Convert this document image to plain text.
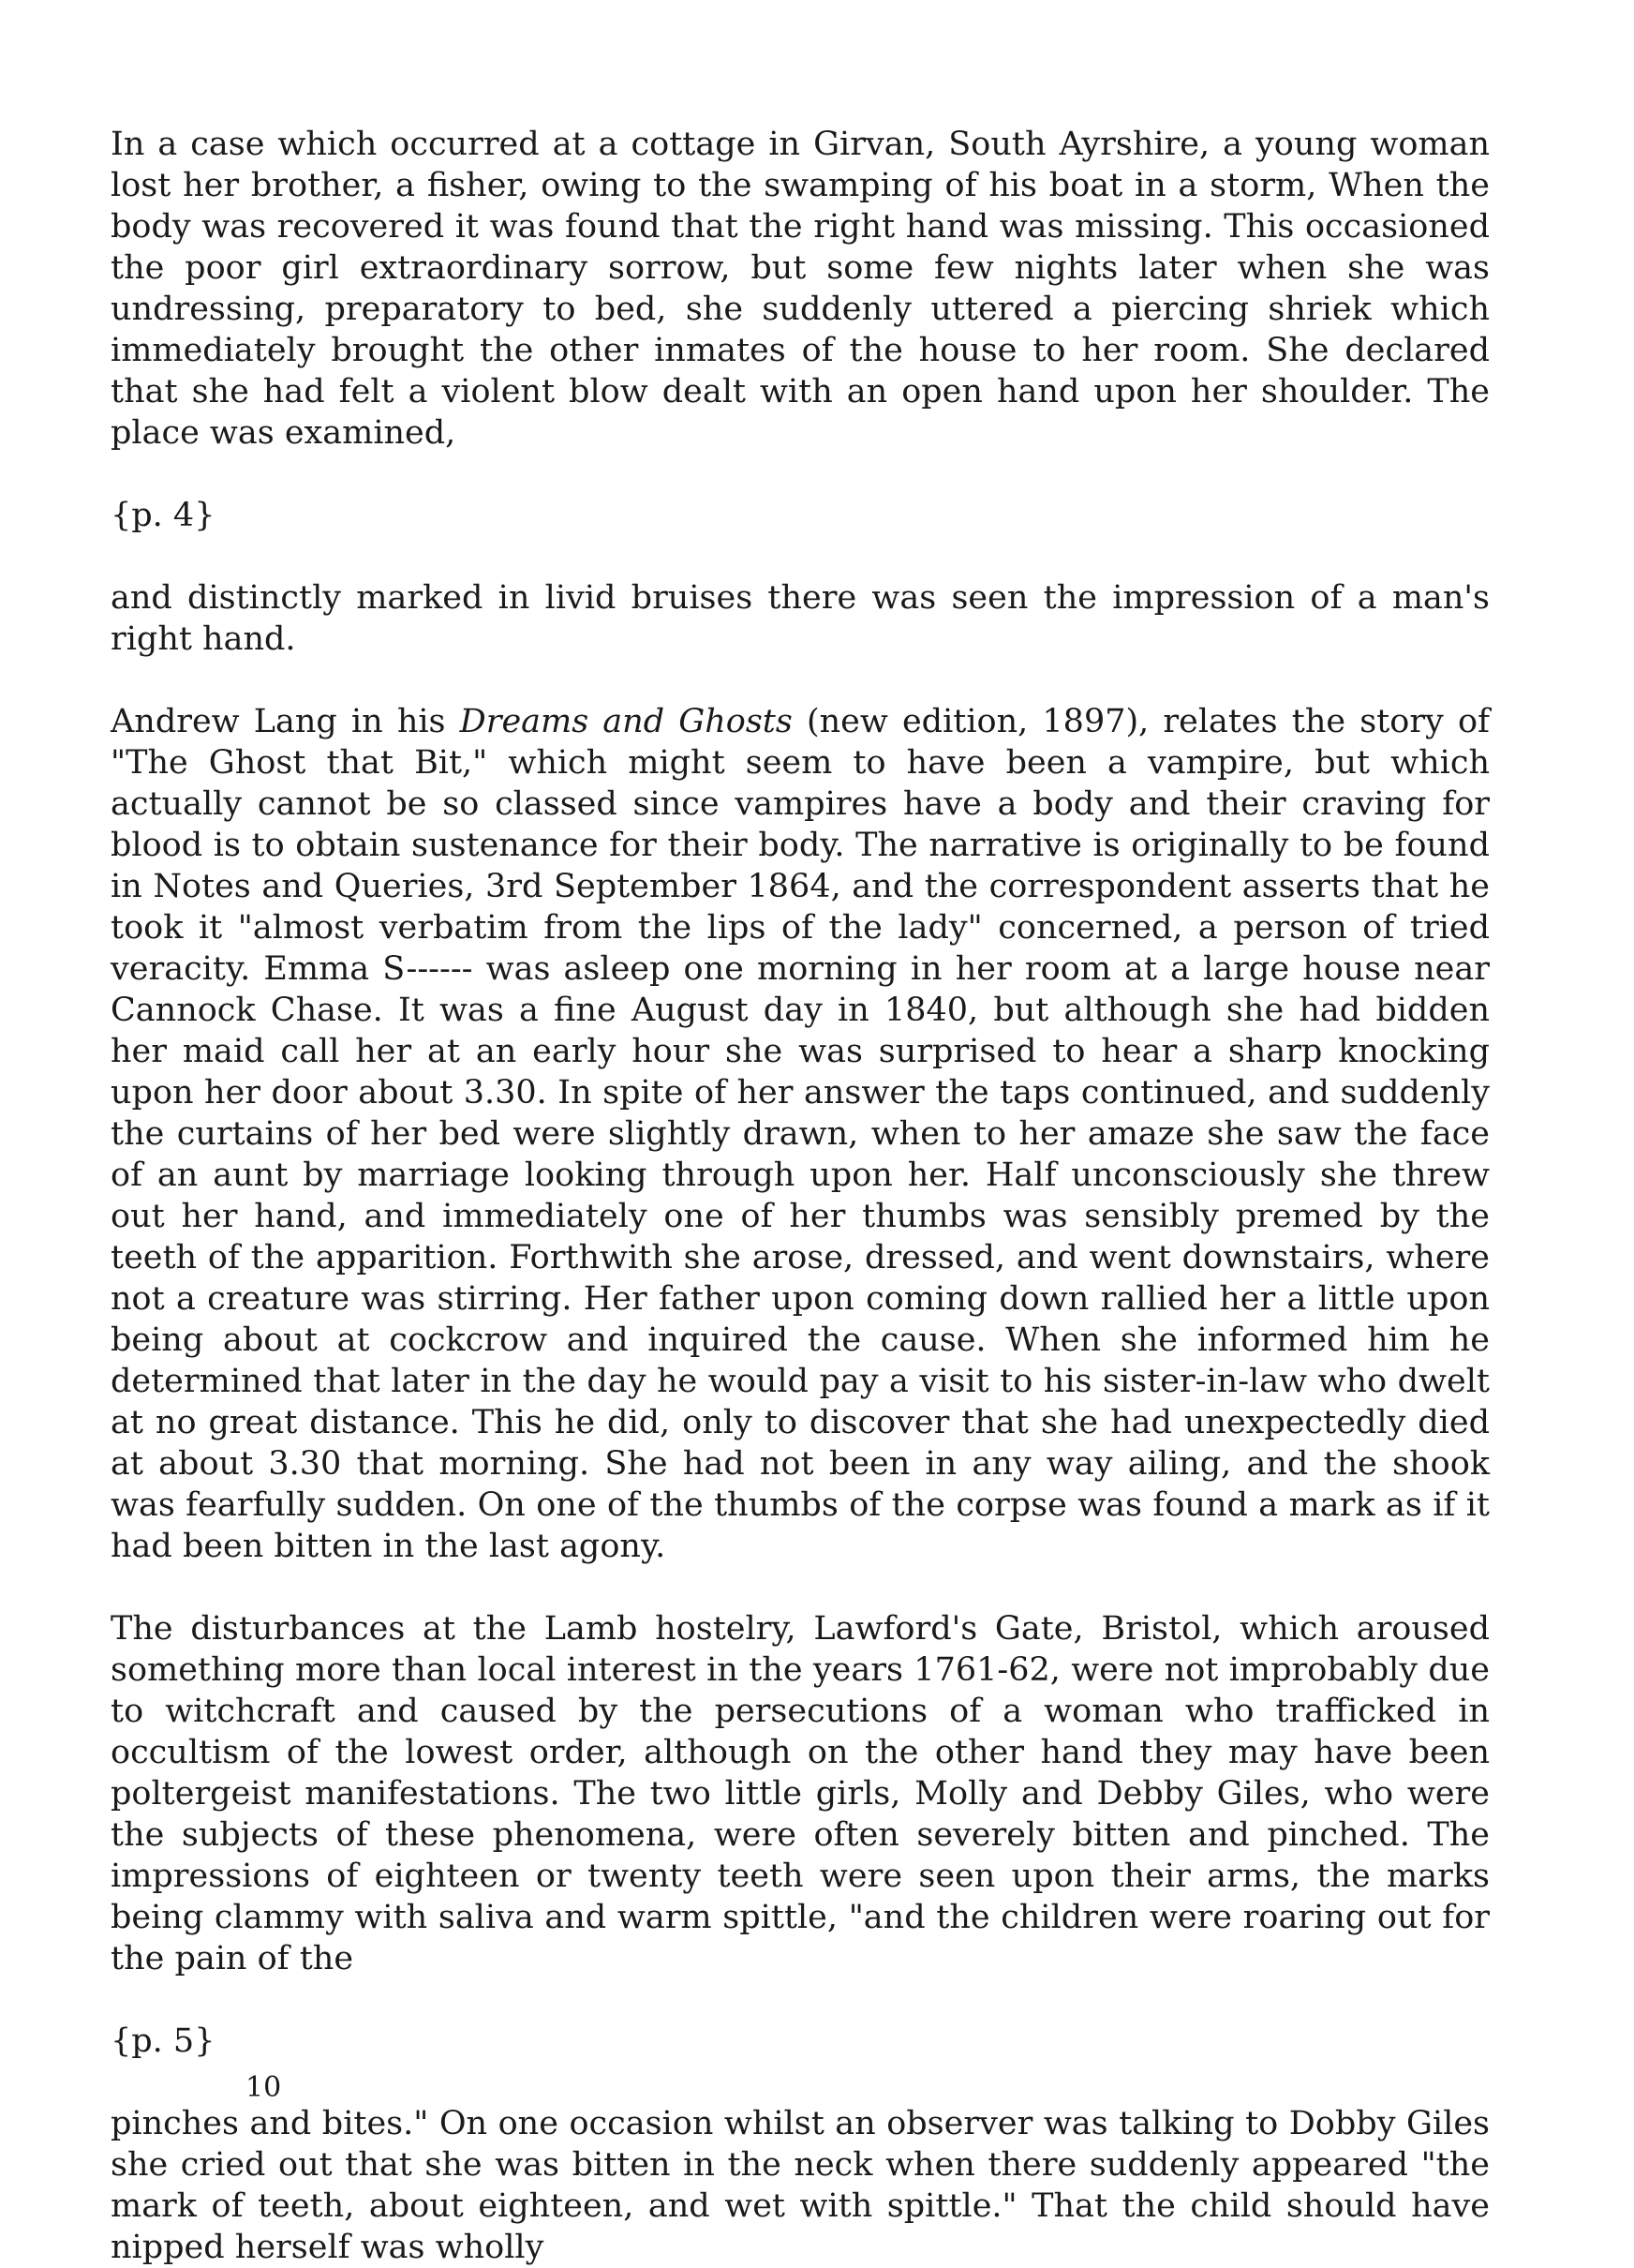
In a case which occurred at a cottage in Girvan, South Ayrshire, a young woman lost her brother, a fisher, owing to the swamping of his boat in a storm, When the body was recovered it was found that the right hand was missing. This occasioned the poor girl extraordinary sorrow, but some few nights later when she was undressing, preparatory to bed, she suddenly uttered a piercing shriek which immediately brought the other inmates of the house to her room. She declared that she had felt a violent blow dealt with an open hand upon her shoulder. The place was examined,

{p. 4}

and distinctly marked in livid bruises there was seen the impression of a man's right hand.

Andrew Lang in his Dreams and Ghosts (new edition, 1897), relates the story of "The Ghost that Bit," which might seem to have been a vampire, but which actually cannot be so classed since vampires have a body and their craving for blood is to obtain sustenance for their body. The narrative is originally to be found in Notes and Queries, 3rd September 1864, and the correspondent asserts that he took it "almost verbatim from the lips of the lady" concerned, a person of tried veracity. Emma S------ was asleep one morning in her room at a large house near Cannock Chase. It was a fine August day in 1840, but although she had bidden her maid call her at an early hour she was surprised to hear a sharp knocking upon her door about 3.30. In spite of her answer the taps continued, and suddenly the curtains of her bed were slightly drawn, when to her amaze she saw the face of an aunt by marriage looking through upon her. Half unconsciously she threw out her hand, and immediately one of her thumbs was sensibly premed by the teeth of the apparition. Forthwith she arose, dressed, and went downstairs, where not a creature was stirring. Her father upon coming down rallied her a little upon being about at cockcrow and inquired the cause. When she informed him he determined that later in the day he would pay a visit to his sister-in-law who dwelt at no great distance. This he did, only to discover that she had unexpectedly died at about 3.30 that morning. She had not been in any way ailing, and the shook was fearfully sudden. On one of the thumbs of the corpse was found a mark as if it had been bitten in the last agony.

The disturbances at the Lamb hostelry, Lawford's Gate, Bristol, which aroused something more than local interest in the years 1761-62, were not improbably due to witchcraft and caused by the persecutions of a woman who trafficked in occultism of the lowest order, although on the other hand they may have been poltergeist manifestations. The two little girls, Molly and Debby Giles, who were the subjects of these phenomena, were often severely bitten and pinched. The impressions of eighteen or twenty teeth were seen upon their arms, the marks being clammy with saliva and warm spittle, "and the children were roaring out for the pain of the

{p. 5}

pinches and bites." On one occasion whilst an observer was talking to Dobby Giles she cried out that she was bitten in the neck when there suddenly appeared "the mark of teeth, about eighteen, and wet with spittle." That the child should have nipped herself was wholly

10
